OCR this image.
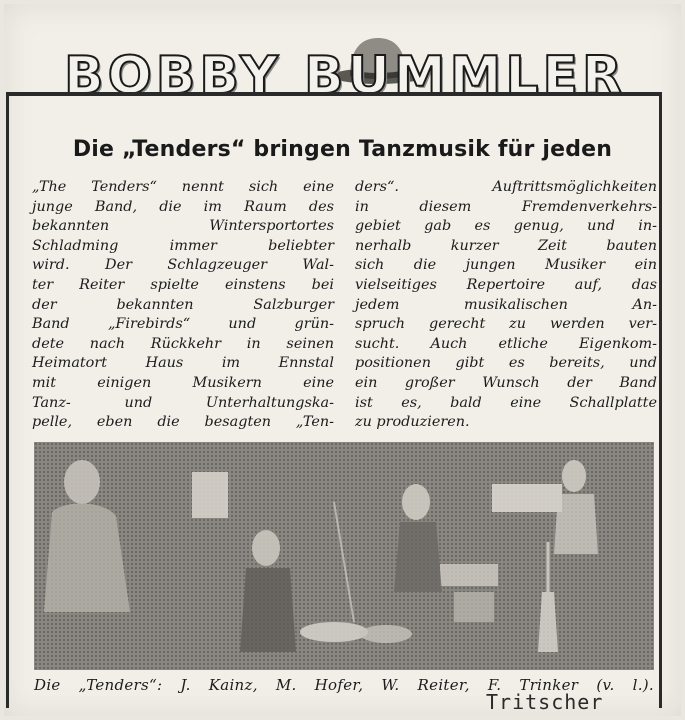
BOBBY BUMMLER
Die „Tenders“ bringen Tanzmusik für jeden

„The Tenders“ nennt sich eine

junge Band, die im Raum des

bekannten Wintersportortes

Schladming immer beliebter

wird. Der Schlagzeuger Wal-

ter Reiter spielte einstens bei

der bekannten Salzburger

Band „Firebirds“ und grün-

dete nach Rückkehr in seinen

Heimatort Haus im Ennstal

mit einigen Musikern eine

Tanz- und Unterhaltungska-

pelle, eben die besagten „Ten-

ders“. Auftrittsmöglichkeiten

in diesem Fremdenverkehrs-

gebiet gab es genug, und in-

nerhalb kurzer Zeit bauten

sich die jungen Musiker ein

vielseitiges Repertoire auf, das

jedem musikalischen An-

spruch gerecht zu werden ver-

sucht. Auch etliche Eigenkom-

positionen gibt es bereits, und

ein großer Wunsch der Band

ist es, bald eine Schallplatte

zu produzieren.

Die „Tenders“: J. Kainz, M. Hofer, W. Reiter, F. Trinker (v. l.).
Tritscher
